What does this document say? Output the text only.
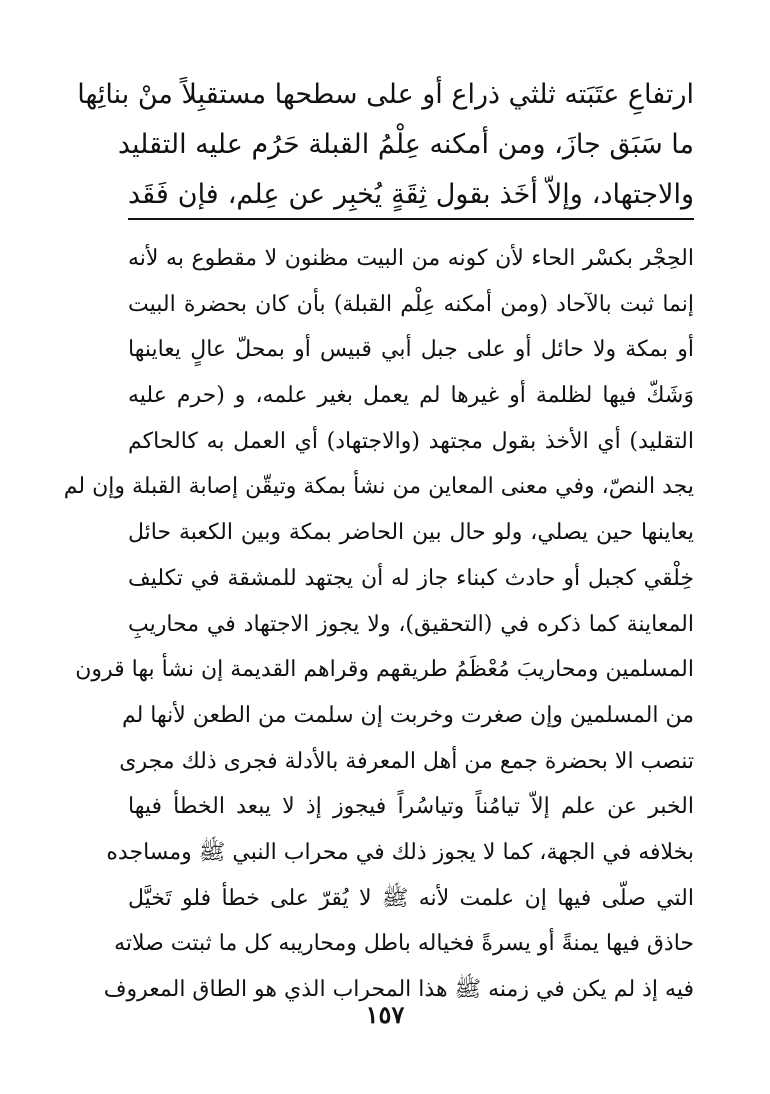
ارتفاعِ عتَبَته ثلثي ذراع أو على سطحها مستقبِلاً منْ بنائِها
ما سَبَق جازَ، ومن أمكنه عِلْمُ القبلة حَرُم عليه التقليد
والاجتهاد، وإلاّ أخَذ بقول ثِقَةٍ يُخبِر عن عِلم، فإن فَقَد
الحِجْر بكسْر الحاء لأن كونه من البيت مظنون لا مقطوع به لأنه
إنما ثبت بالآحاد (ومن أمكنه عِلْم القبلة) بأن كان بحضرة البيت
أو بمكة ولا حائل أو على جبل أبي قبيس أو بمحلّ عالٍ يعاينها
وَشَكّ فيها لظلمة أو غيرها لم يعمل بغير علمه، و (حرم عليه
التقليد) أي الأخذ بقول مجتهد (والاجتهاد) أي العمل به كالحاكم
يجد النصّ، وفي معنى المعاين من نشأ بمكة وتيقّن إصابة القبلة وإن لم
يعاينها حين يصلي، ولو حال بين الحاضر بمكة وبين الكعبة حائل
خِلْقي كجبل أو حادث كبناء جاز له أن يجتهد للمشقة في تكليف
المعاينة كما ذكره في (التحقيق)، ولا يجوز الاجتهاد في محاريبِ
المسلمين ومحاريبَ مُعْظَمُ طريقهم وقراهم القديمة إن نشأ بها قرون
من المسلمين وإن صغرت وخربت إن سلمت من الطعن لأنها لم
تنصب الا بحضرة جمع من أهل المعرفة بالأدلة فجرى ذلك مجرى
الخبر عن علم إلاّ تيامُناً وتياسُراً فيجوز إذ لا يبعد الخطأ فيها
بخلافه في الجهة، كما لا يجوز ذلك في محراب النبي ﷺ ومساجده
التي صلّى فيها إن علمت لأنه ﷺ لا يُقرّ على خطأ فلو تَخيَّل
حاذق فيها يمنةً أو يسرةً فخياله باطل ومحاريبه كل ما ثبتت صلاته
فيه إذ لم يكن في زمنه ﷺ هذا المحراب الذي هو الطاق المعروف
١٥٧
